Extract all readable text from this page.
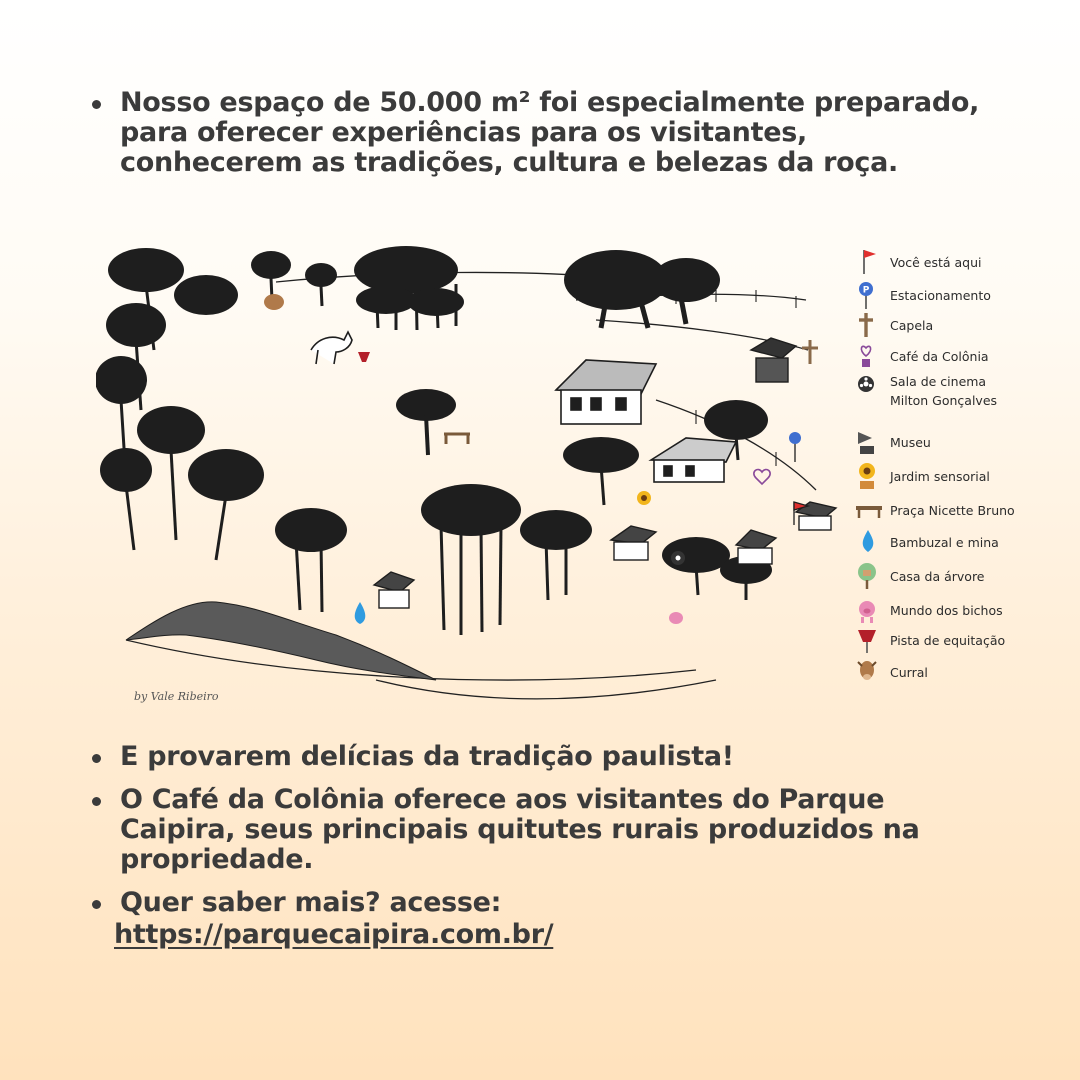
Nosso espaço de 50.000 m² foi especialmente preparado, para oferecer experiências para os visitantes, conhecerem as tradições, cultura e belezas da roça.
by Vale Ribeiro
Você está aqui
P Estacionamento
Capela
Café da Colônia
Sala de cinema
Milton Gonçalves
Museu
Jardim sensorial
Praça Nicette Bruno
Bambuzal e mina
Casa da árvore
Mundo dos bichos
Pista de equitação
Curral
E provarem delícias da tradição paulista!
O Café da Colônia oferece aos visitantes do Parque Caipira, seus principais quitutes rurais produzidos na propriedade.
Quer saber mais? acesse:
https://parquecaipira.com.br/
